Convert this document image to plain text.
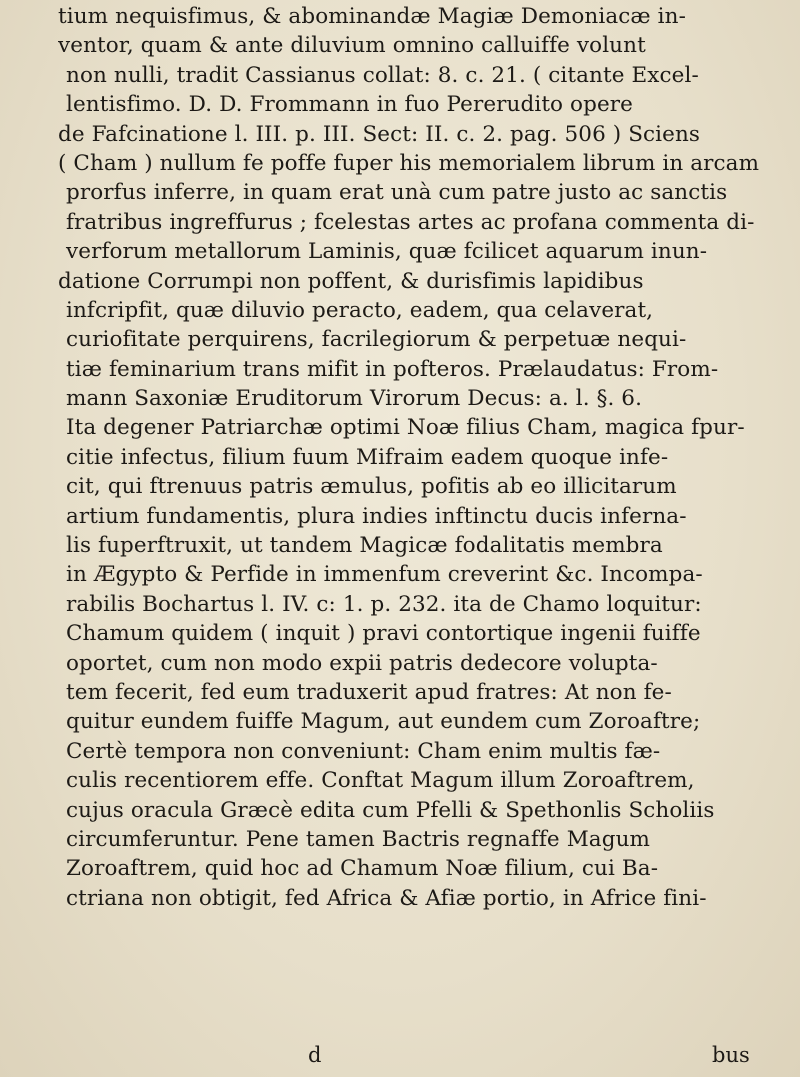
tium nequisfimus, & abominandæ Magiæ Demoniacæ in-
ventor, quam & ante diluvium omnino calluiffe volunt
non nulli, tradit Cassianus collat: 8. c. 21. ( citante Excel-
lentisfimo. D. D. Frommann in fuo Pererudito opere
de Fafcinatione l. III. p. III. Sect: II. c. 2. pag. 506 ) Sciens
( Cham ) nullum fe poffe fuper his memorialem librum in arcam
prorfus inferre, in quam erat unà cum patre justo ac sanctis
fratribus ingreffurus ; fcelestas artes ac profana commenta di-
verforum metallorum Laminis, quæ fcilicet aquarum inun-
datione Corrumpi non poffent, & durisfimis lapidibus
infcripfit, quæ diluvio peracto, eadem, qua celaverat,
curiofitate perquirens, facrilegiorum & perpetuæ nequi-
tiæ feminarium trans mifit in pofteros. Prælaudatus: From-
mann Saxoniæ Eruditorum Virorum Decus: a. l. §. 6.
Ita degener Patriarchæ optimi Noæ filius Cham, magica fpur-
citie infectus, filium fuum Mifraim eadem quoque infe-
cit, qui ftrenuus patris æmulus, pofitis ab eo illicitarum
artium fundamentis, plura indies inftinctu ducis inferna-
lis fuperftruxit, ut tandem Magicæ fodalitatis membra
in Ægypto & Perfide in immenfum creverint &c. Incompa-
rabilis Bochartus l. IV. c: 1. p. 232. ita de Chamo loquitur:
Chamum quidem ( inquit ) pravi contortique ingenii fuiffe
oportet, cum non modo expii patris dedecore volupta-
tem fecerit, fed eum traduxerit apud fratres: At non fe-
quitur eundem fuiffe Magum, aut eundem cum Zoroaftre;
Certè tempora non conveniunt: Cham enim multis fæ-
culis recentiorem effe. Conftat Magum illum Zoroaftrem,
cujus oracula Græcè edita cum Pfelli & Spethonlis Scholiis
circumferuntur. Pene tamen Bactris regnaffe Magum
Zoroaftrem, quid hoc ad Chamum Noæ filium, cui Ba-
ctriana non obtigit, fed Africa & Afiæ portio, in Africe fini-
d	bus
